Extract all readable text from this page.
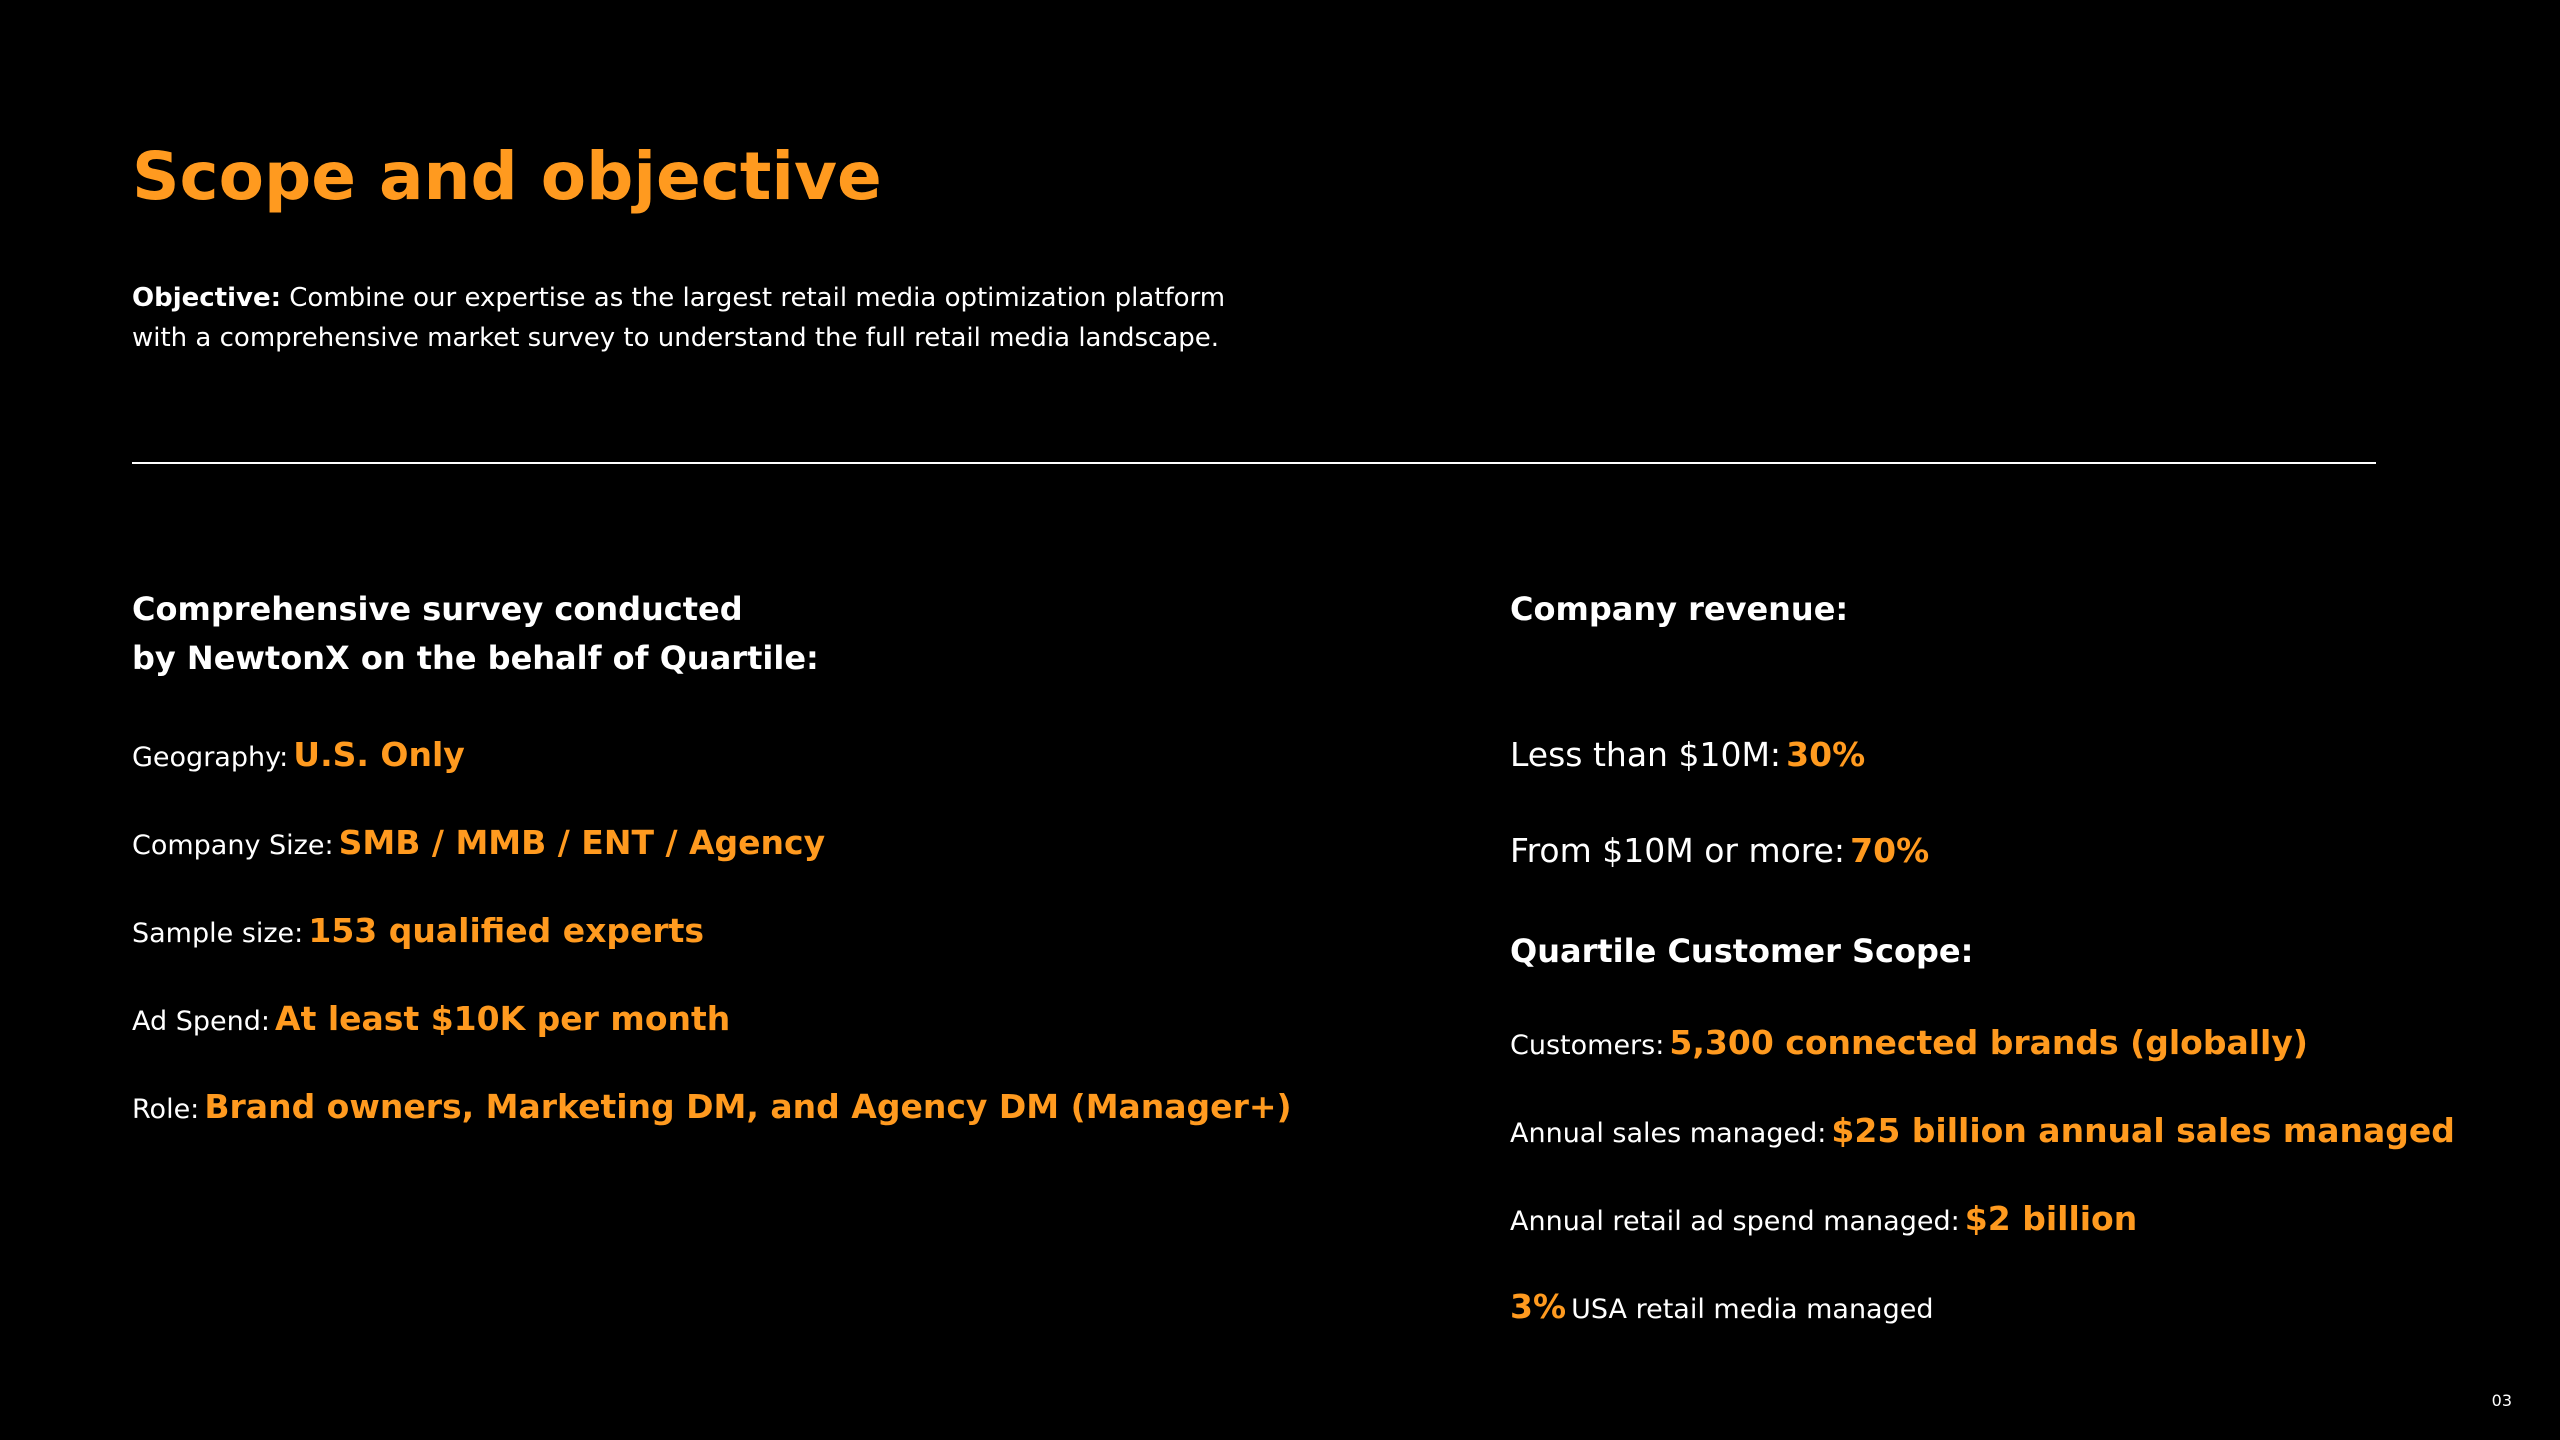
Scope and objective
Objective: Combine our expertise as the largest retail media optimization platform
with a comprehensive market survey to understand the full retail media landscape.

Comprehensive survey conducted
by NewtonX on the behalf of Quartile:

Geography: U.S. Only
Company Size: SMB / MMB / ENT / Agency
Sample size: 153 qualified experts
Ad Spend: At least $10K per month
Role: Brand owners, Marketing DM, and Agency DM (Manager+)

Company revenue:

Less than $10M: 30%
From $10M or more: 70%
Quartile Customer Scope:
Customers: 5,300 connected brands (globally)
Annual sales managed: $25 billion annual sales managed
Annual retail ad spend managed: $2 billion
3% USA retail media managed
03
